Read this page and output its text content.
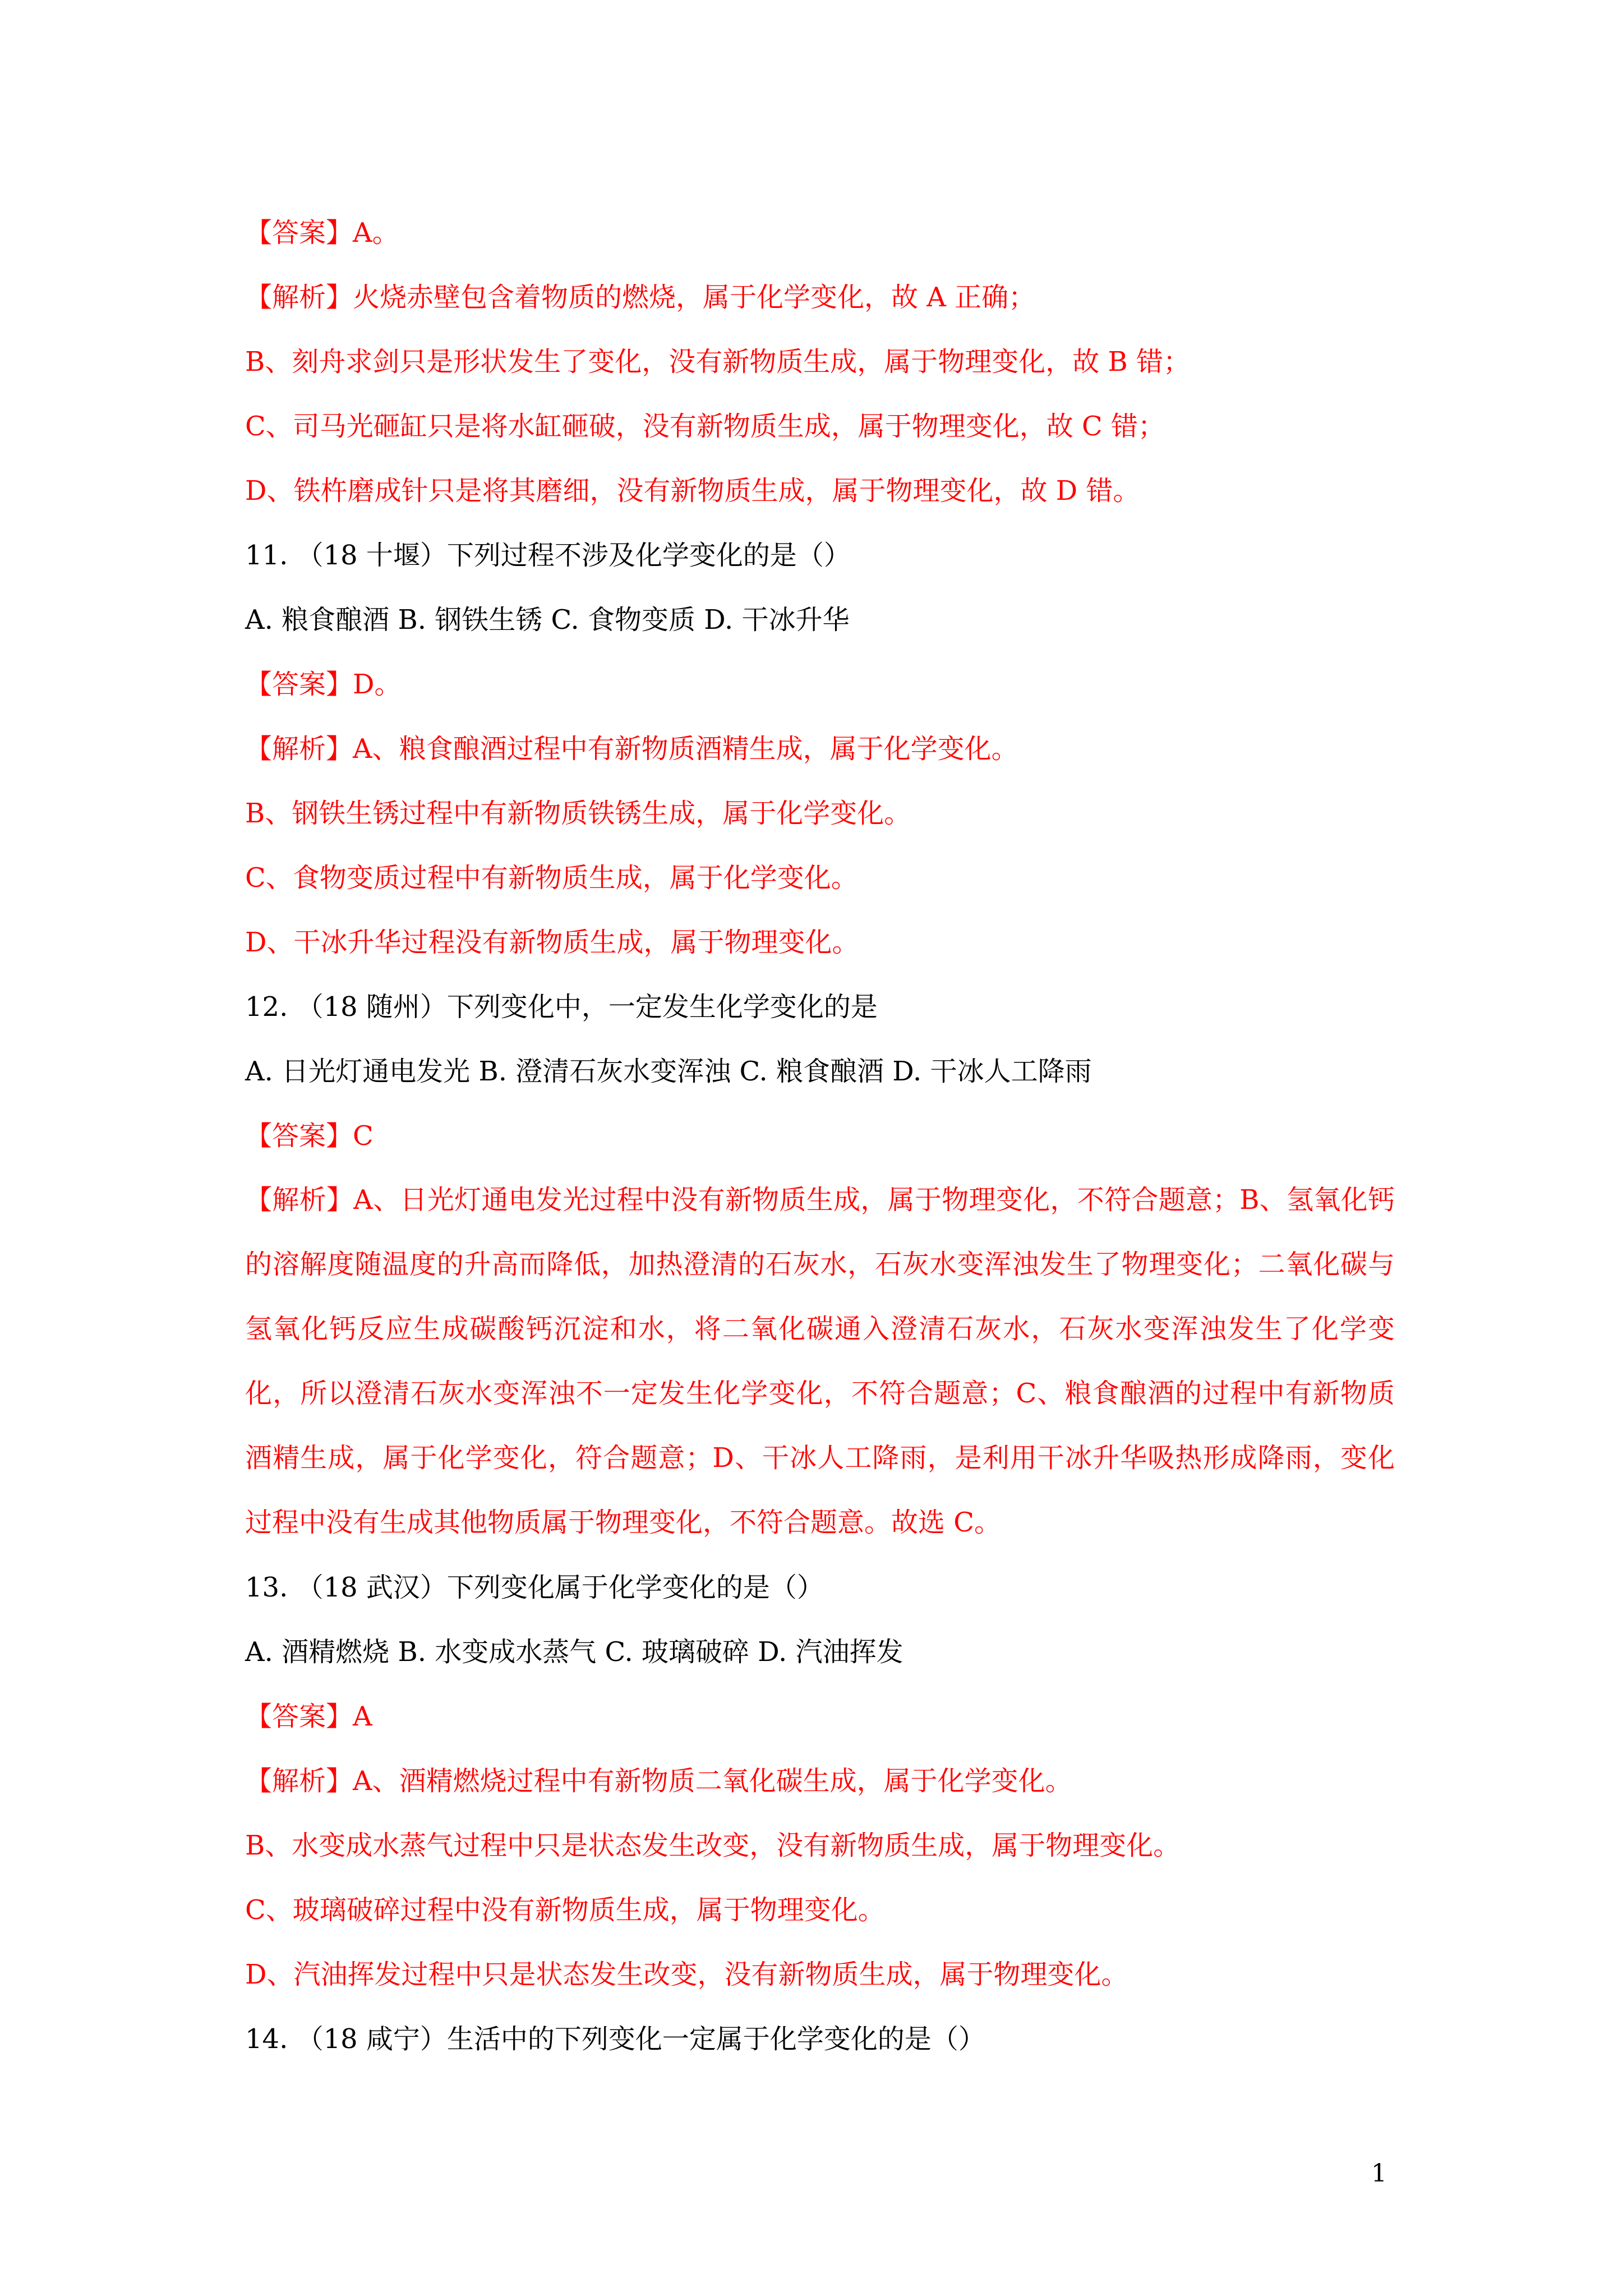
【答案】A。
【解析】火烧赤壁包含着物质的燃烧，属于化学变化，故 A 正确；
B、刻舟求剑只是形状发生了变化，没有新物质生成，属于物理变化，故 B 错；
C、司马光砸缸只是将水缸砸破，没有新物质生成，属于物理变化，故 C 错；
D、铁杵磨成针只是将其磨细，没有新物质生成，属于物理变化，故 D 错。
11. （18 十堰）下列过程不涉及化学变化的是（）
A. 粮食酿酒 B. 钢铁生锈 C. 食物变质 D. 干冰升华
【答案】D。
【解析】A、粮食酿酒过程中有新物质酒精生成，属于化学变化。
B、钢铁生锈过程中有新物质铁锈生成，属于化学变化。
C、食物变质过程中有新物质生成，属于化学变化。
D、干冰升华过程没有新物质生成，属于物理变化。
12. （18 随州）下列变化中，一定发生化学变化的是
A. 日光灯通电发光 B. 澄清石灰水变浑浊 C. 粮食酿酒 D. 干冰人工降雨
【答案】C
【解析】A、日光灯通电发光过程中没有新物质生成，属于物理变化，不符合题意；B、氢氧化钙的溶解度随温度的升高而降低，加热澄清的石灰水，石灰水变浑浊发生了物理变化；二氧化碳与氢氧化钙反应生成碳酸钙沉淀和水，将二氧化碳通入澄清石灰水，石灰水变浑浊发生了化学变化，所以澄清石灰水变浑浊不一定发生化学变化，不符合题意；C、粮食酿酒的过程中有新物质酒精生成，属于化学变化，符合题意；D、干冰人工降雨，是利用干冰升华吸热形成降雨，变化过程中没有生成其他物质属于物理变化，不符合题意。故选 C。
13. （18 武汉）下列变化属于化学变化的是（）
A. 酒精燃烧 B. 水变成水蒸气 C. 玻璃破碎 D. 汽油挥发
【答案】A
【解析】A、酒精燃烧过程中有新物质二氧化碳生成，属于化学变化。
B、水变成水蒸气过程中只是状态发生改变，没有新物质生成，属于物理变化。
C、玻璃破碎过程中没有新物质生成，属于物理变化。
D、汽油挥发过程中只是状态发生改变，没有新物质生成，属于物理变化。
14. （18 咸宁）生活中的下列变化一定属于化学变化的是（）
1
